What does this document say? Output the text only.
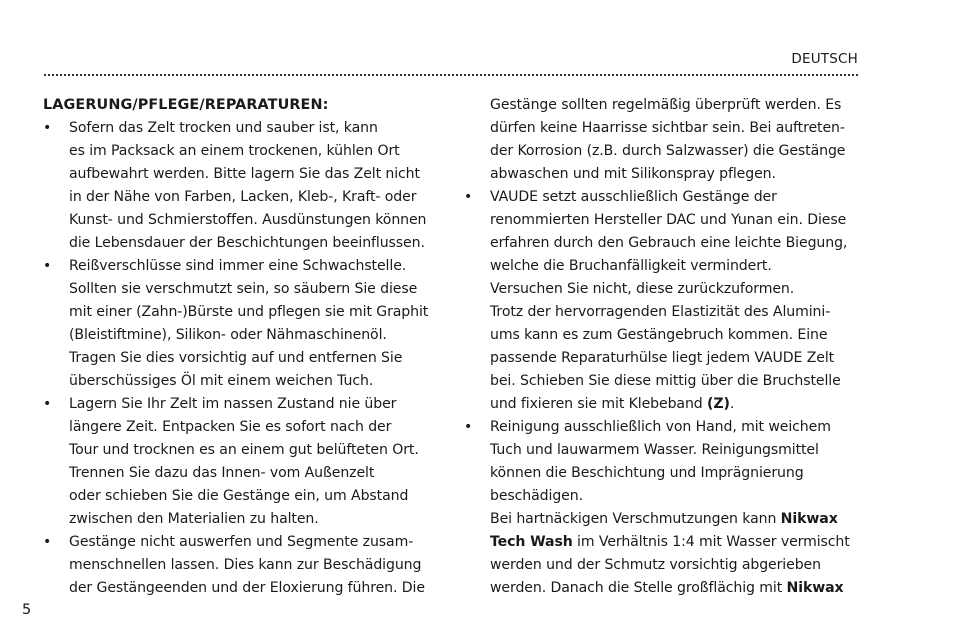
DEUTSCH
LAGERUNG/PFLEGE/REPARATUREN:
• Sofern das Zelt trocken und sauber ist, kann
es im Packsack an einem trockenen, kühlen Ort
aufbewahrt werden. Bitte lagern Sie das Zelt nicht
in der Nähe von Farben, Lacken, Kleb-, Kraft- oder
Kunst- und Schmierstoffen. Ausdünstungen können
die Lebensdauer der Beschichtungen beeinflussen.
• Reißverschlüsse sind immer eine Schwachstelle.
Sollten sie verschmutzt sein, so säubern Sie diese
mit einer (Zahn-)Bürste und pflegen sie mit Graphit
(Bleistiftmine), Silikon- oder Nähmaschinenöl.
Tragen Sie dies vorsichtig auf und entfernen Sie
überschüssiges Öl mit einem weichen Tuch.
• Lagern Sie Ihr Zelt im nassen Zustand nie über
längere Zeit. Entpacken Sie es sofort nach der
Tour und trocknen es an einem gut belüfteten Ort.
Trennen Sie dazu das Innen- vom Außenzelt
oder schieben Sie die Gestänge ein, um Abstand
zwischen den Materialien zu halten.
• Gestänge nicht auswerfen und Segmente zusam-
menschnellen lassen. Dies kann zur Beschädigung
der Gestängeenden und der Eloxierung führen. Die
Gestänge sollten regelmäßig überprüft werden. Es
dürfen keine Haarrisse sichtbar sein. Bei auftreten-
der Korrosion (z.B. durch Salzwasser) die Gestänge
abwaschen und mit Silikonspray pflegen.
• VAUDE setzt ausschließlich Gestänge der
renommierten Hersteller DAC und Yunan ein. Diese
erfahren durch den Gebrauch eine leichte Biegung,
welche die Bruchanfälligkeit vermindert.
Versuchen Sie nicht, diese zurückzuformen.
Trotz der hervorragenden Elastizität des Alumini-
ums kann es zum Gestängebruch kommen. Eine
passende Reparaturhülse liegt jedem VAUDE Zelt
bei. Schieben Sie diese mittig über die Bruchstelle
und fixieren sie mit Klebeband (Z).
• Reinigung ausschließlich von Hand, mit weichem
Tuch und lauwarmem Wasser. Reinigungsmittel
können die Beschichtung und Imprägnierung
beschädigen.
Bei hartnäckigen Verschmutzungen kann Nikwax
Tech Wash im Verhältnis 1:4 mit Wasser vermischt
werden und der Schmutz vorsichtig abgerieben
werden. Danach die Stelle großflächig mit Nikwax
5
